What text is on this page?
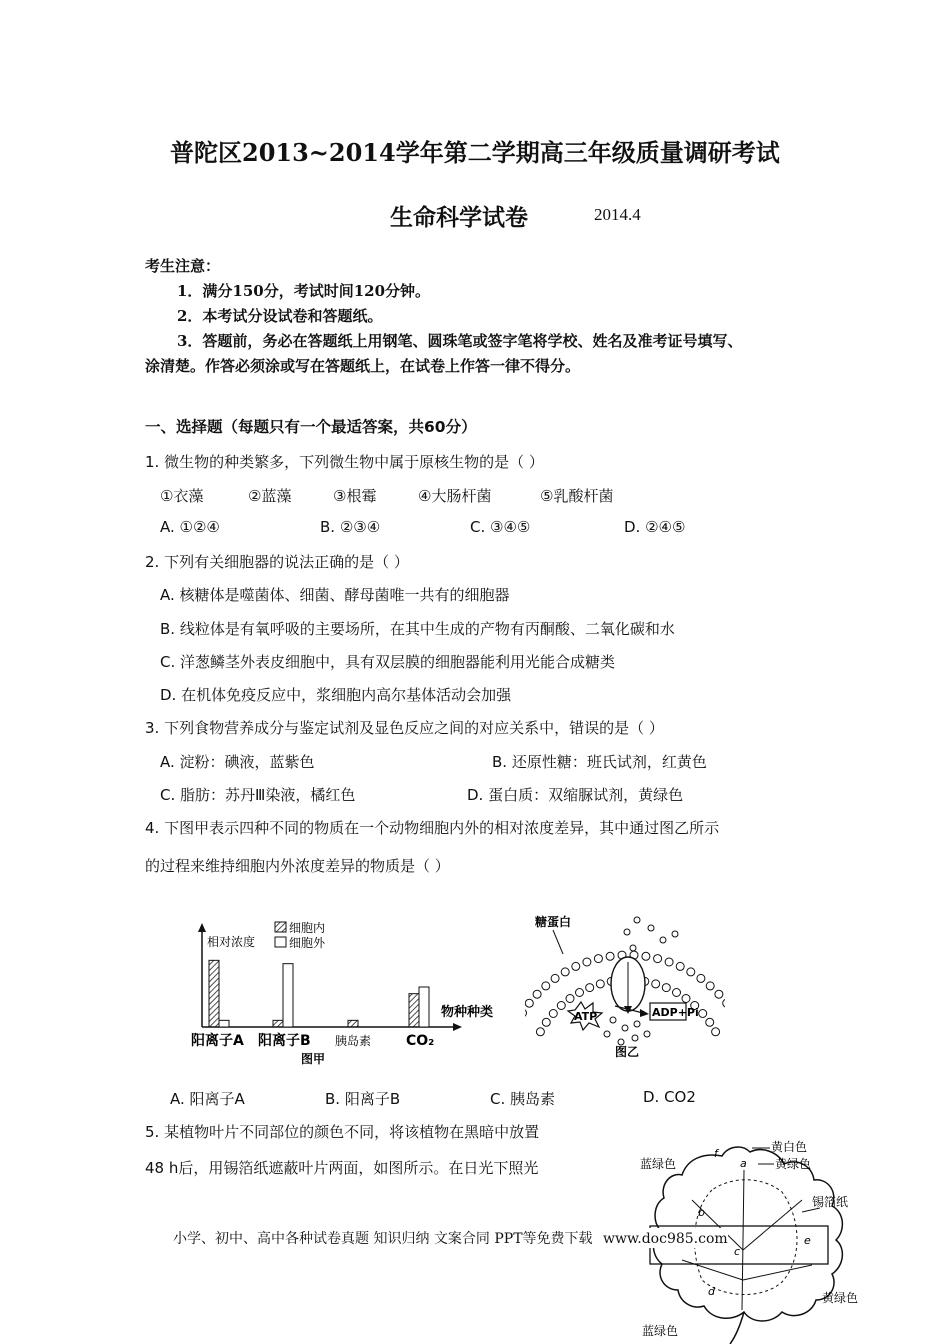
普陀区2013~2014学年第二学期高三年级质量调研考试
生命科学试卷	2014.4
考生注意：
1．满分150分，考试时间120分钟。
2．本考试分设试卷和答题纸。
3．答题前，务必在答题纸上用钢笔、圆珠笔或签字笔将学校、姓名及准考证号填写、
涂清楚。作答必须涂或写在答题纸上，在试卷上作答一律不得分。
一、选择题（每题只有一个最适答案，共60分）
1. 微生物的种类繁多，下列微生物中属于原核生物的是（ ）
①衣藻	②蓝藻	③根霉	④大肠杆菌	⑤乳酸杆菌
A. ①②④	B. ②③④	C. ③④⑤	D. ②④⑤
2. 下列有关细胞器的说法正确的是（ ）
A. 核糖体是噬菌体、细菌、酵母菌唯一共有的细胞器
B. 线粒体是有氧呼吸的主要场所，在其中生成的产物有丙酮酸、二氧化碳和水
C. 洋葱鳞茎外表皮细胞中，具有双层膜的细胞器能利用光能合成糖类
D. 在机体免疫反应中，浆细胞内高尔基体活动会加强
3. 下列食物营养成分与鉴定试剂及显色反应之间的对应关系中，错误的是（ ）
A. 淀粉：碘液，蓝紫色	B. 还原性糖：班氏试剂，红黄色
C. 脂肪：苏丹Ⅲ染液，橘红色	D. 蛋白质：双缩脲试剂，黄绿色
4. 下图甲表示四种不同的物质在一个动物细胞内外的相对浓度差异，其中通过图乙所示
的过程来维持细胞内外浓度差异的物质是（ ）
相对浓度
物种种类
细胞内
细胞外
阳离子A 阳离子B 胰岛素 CO₂
图甲
糖蛋白
ATP	ADP+Pi
图乙
A. 阳离子A	B. 阳离子B	C. 胰岛素	D. CO2
5. 某植物叶片不同部位的颜色不同，将该植物在黑暗中放置
48 h后，用锡箔纸遮蔽叶片两面，如图所示。在日光下照光
f
a
b
c
d
e
黄白色
黄绿色
蓝绿色
锡箔纸
黄绿色
蓝绿色
小学、初中、高中各种试卷真题 知识归纳 文案合同 PPT等免费下载 www.doc985.com
